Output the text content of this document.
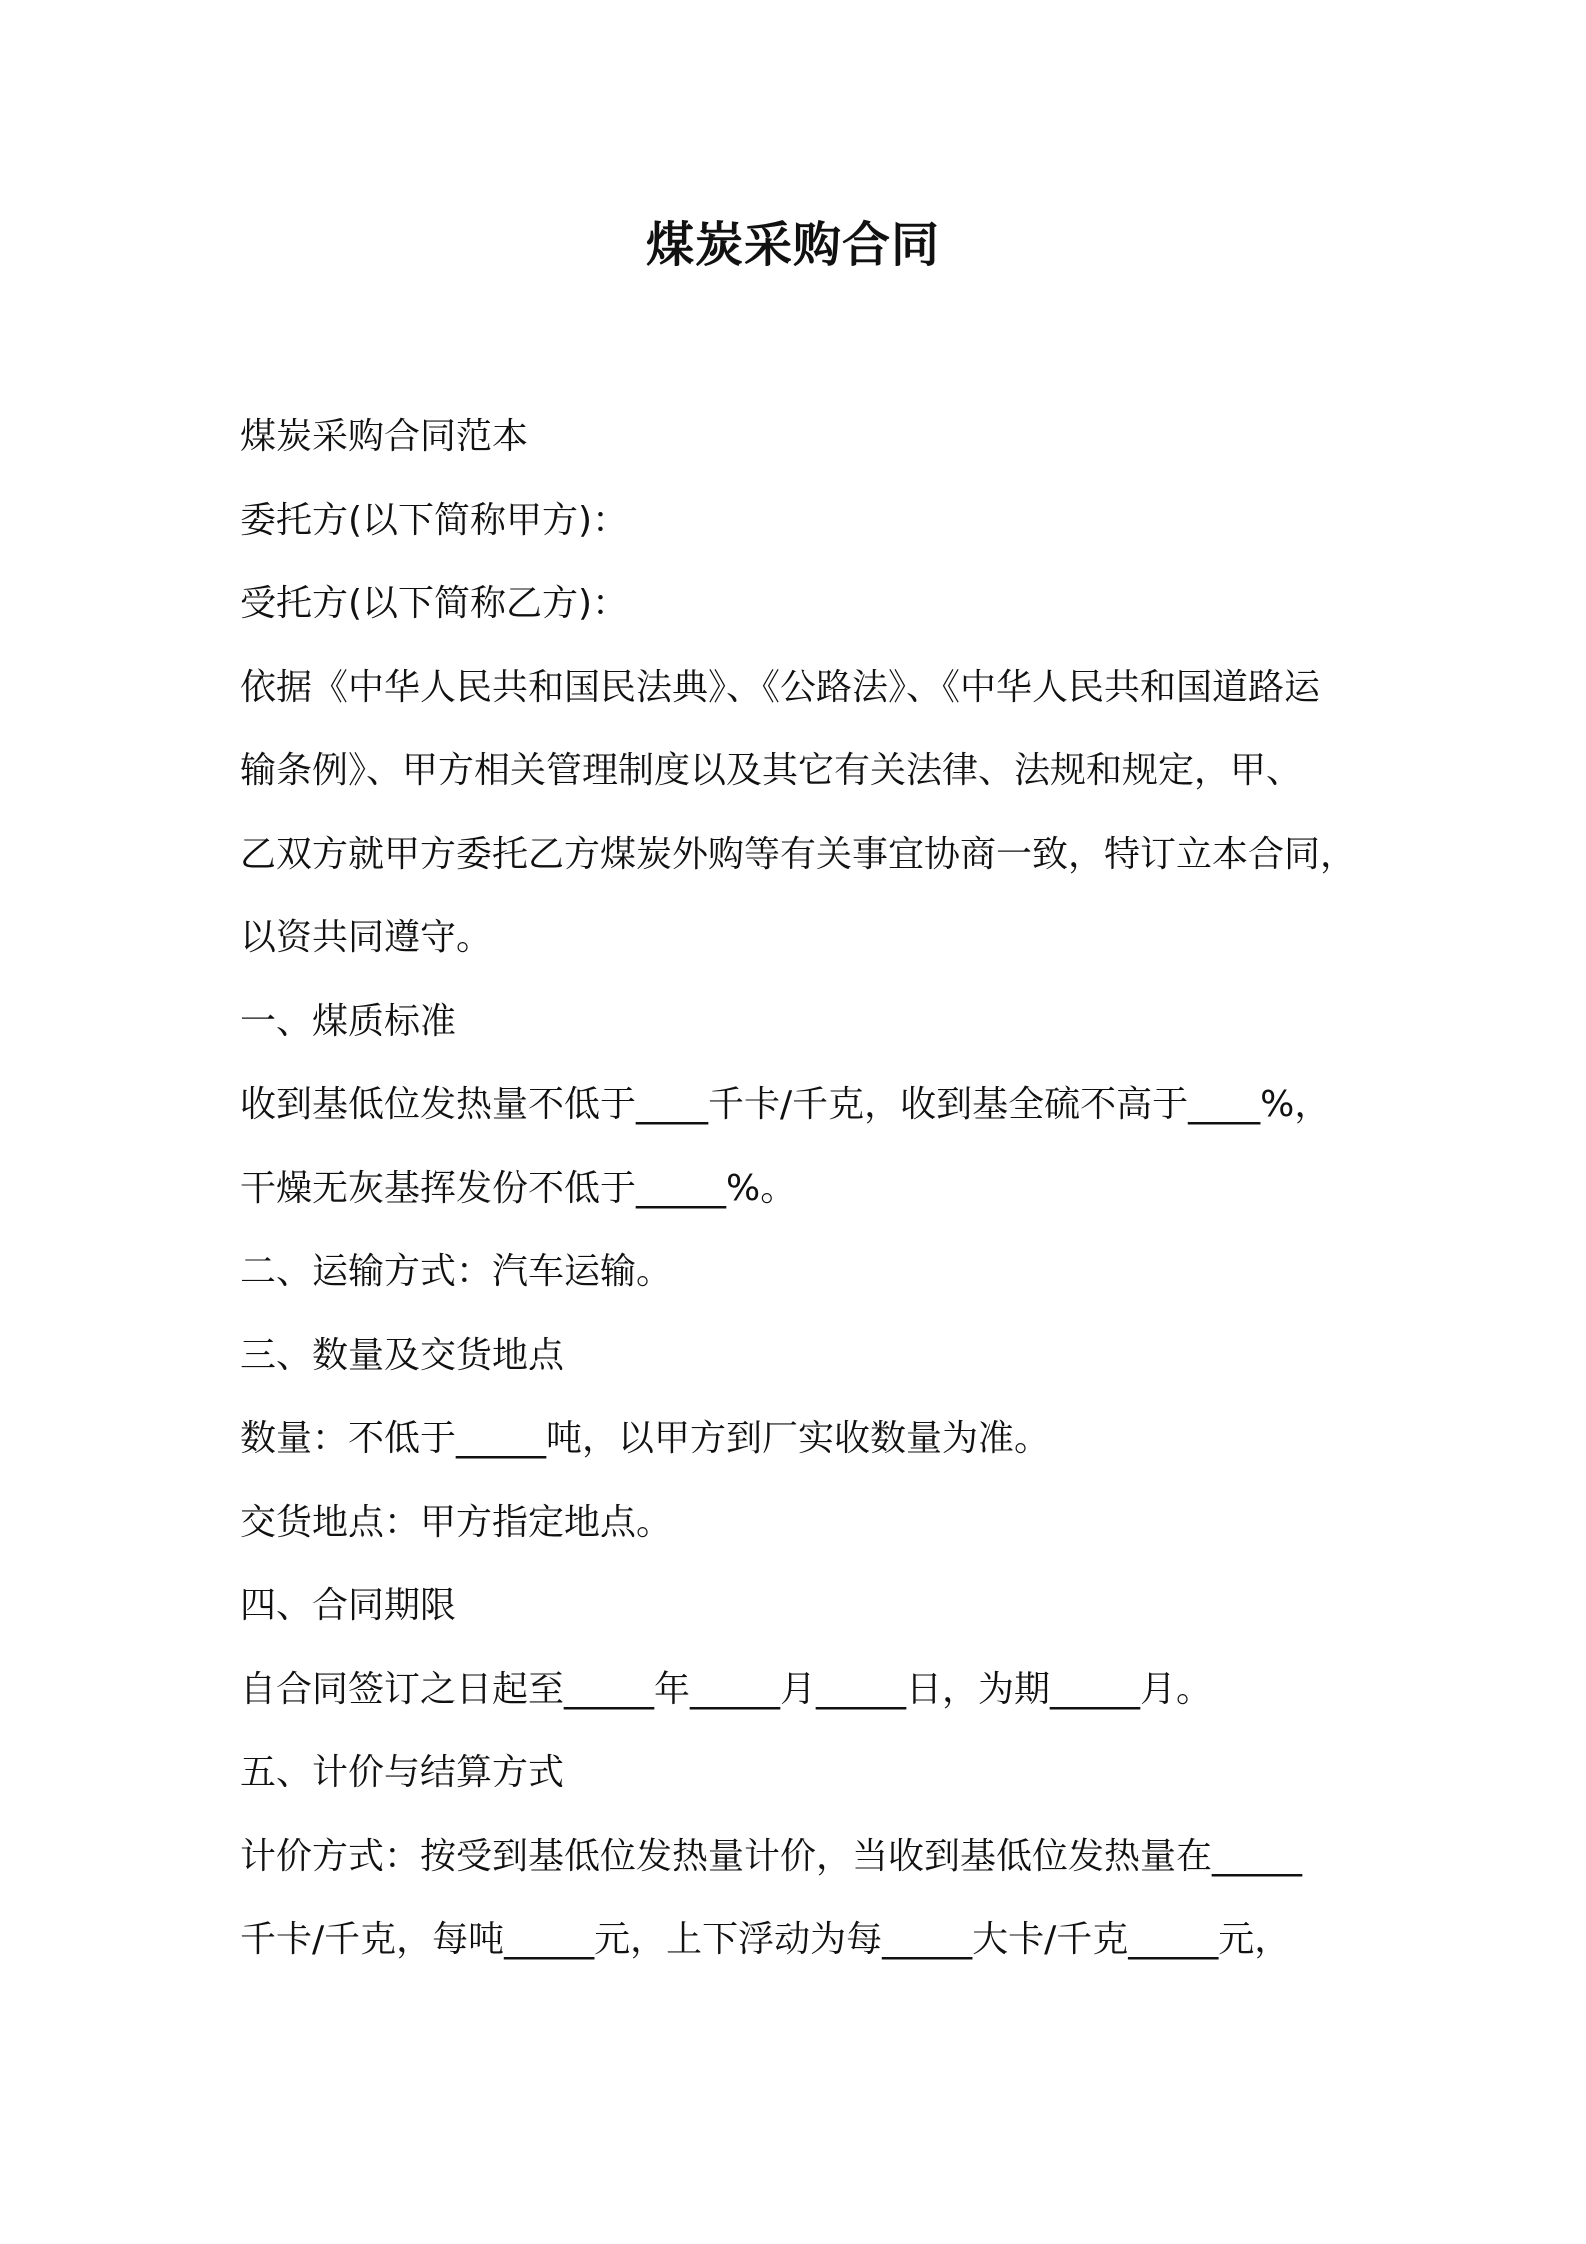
煤炭采购合同

煤炭采购合同范本

委托方(以下简称甲方)：

受托方(以下简称乙方)：

依据《中华人民共和国民法典》、《公路法》、《中华人民共和国道路运

输条例》、甲方相关管理制度以及其它有关法律、法规和规定，甲、

乙双方就甲方委托乙方煤炭外购等有关事宜协商一致，特订立本合同，

以资共同遵守。

一、煤质标准

收到基低位发热量不低于____千卡/千克，收到基全硫不高于____%，

干燥无灰基挥发份不低于_____%。

二、运输方式：汽车运输。

三、数量及交货地点

数量：不低于_____吨，以甲方到厂实收数量为准。

交货地点：甲方指定地点。

四、合同期限

自合同签订之日起至_____年_____月_____日，为期_____月。

五、计价与结算方式

计价方式：按受到基低位发热量计价，当收到基低位发热量在_____

千卡/千克，每吨_____元，上下浮动为每_____大卡/千克_____元，
